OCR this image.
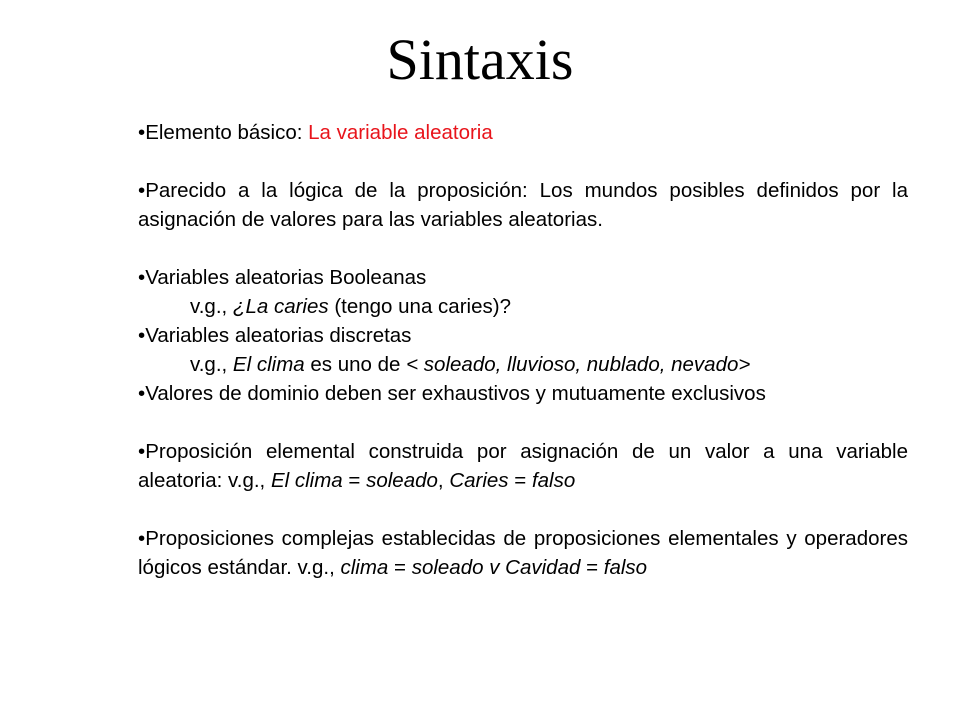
Sintaxis

•Elemento básico: La variable aleatoria

•Parecido a la lógica de la proposición: Los mundos posibles definidos por la asignación de valores para las variables aleatorias.

•Variables aleatorias Booleanas

v.g., ¿La caries (tengo una caries)?

•Variables aleatorias discretas

v.g., El clima es uno de < soleado, lluvioso, nublado, nevado>

•Valores de dominio deben ser exhaustivos y mutuamente exclusivos

•Proposición elemental construida por asignación de un valor a una variable aleatoria: v.g., El clima = soleado, Caries = falso

•Proposiciones complejas establecidas de proposiciones elementales y operadores lógicos estándar. v.g., clima = soleado v Cavidad = falso
